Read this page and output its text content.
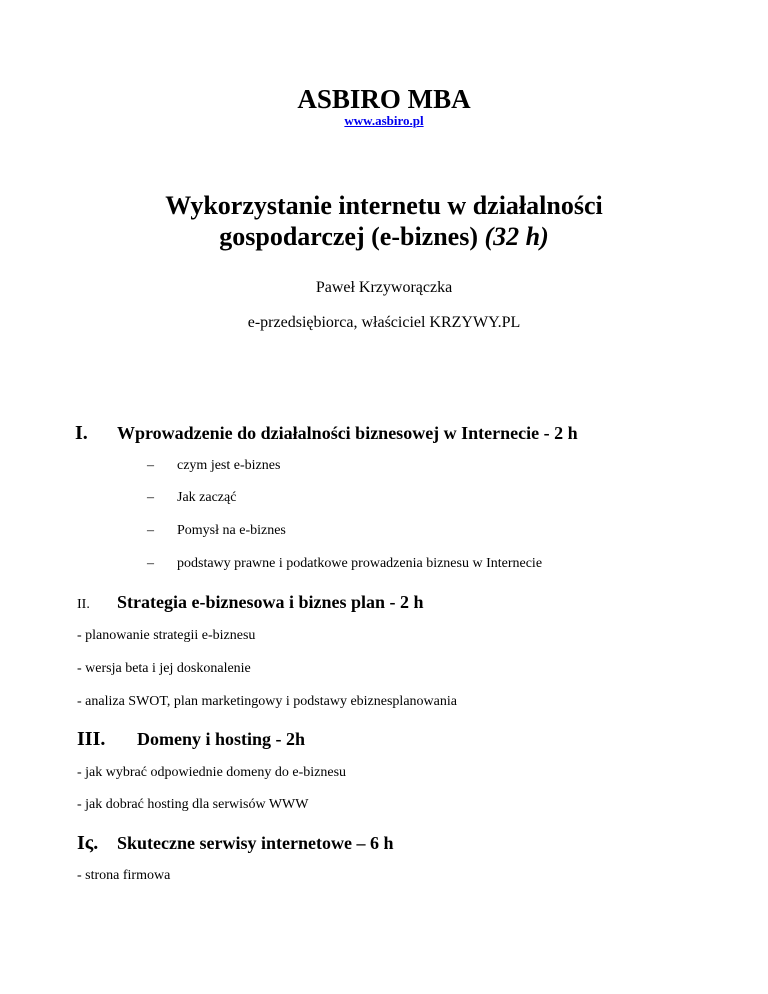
ASBIRO MBA
www.asbiro.pl
Wykorzystanie internetu w działalności
gospodarczej (e-biznes) (32 h)
Paweł Krzyworączka
e-przedsiębiorca, właściciel KRZYWY.PL
I. Wprowadzenie do działalności biznesowej w Internecie - 2 h
– czym jest e-biznes
– Jak zacząć
– Pomysł na e-biznes
– podstawy prawne i podatkowe prowadzenia biznesu w Internecie
II. Strategia e-biznesowa i biznes plan - 2 h
- planowanie strategii e-biznesu
- wersja beta i jej doskonalenie
- analiza SWOT, plan marketingowy i podstawy ebiznesplanowania
III. Domeny i hosting - 2h
- jak wybrać odpowiednie domeny do e-biznesu
- jak dobrać hosting dla serwisów WWW
Iς. Skuteczne serwisy internetowe – 6 h
- strona firmowa
